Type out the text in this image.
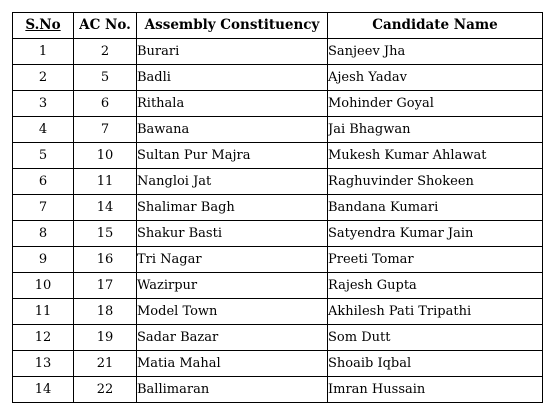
S.No	AC No.	Assembly Constituency	Candidate Name
1	2	Burari	Sanjeev Jha
2	5	Badli	Ajesh Yadav
3	6	Rithala	Mohinder Goyal
4	7	Bawana	Jai Bhagwan
5	10	Sultan Pur Majra	Mukesh Kumar Ahlawat
6	11	Nangloi Jat	Raghuvinder Shokeen
7	14	Shalimar Bagh	Bandana Kumari
8	15	Shakur Basti	Satyendra Kumar Jain
9	16	Tri Nagar	Preeti Tomar
10	17	Wazirpur	Rajesh Gupta
11	18	Model Town	Akhilesh Pati Tripathi
12	19	Sadar Bazar	Som Dutt
13	21	Matia Mahal	Shoaib Iqbal
14	22	Ballimaran	Imran Hussain
